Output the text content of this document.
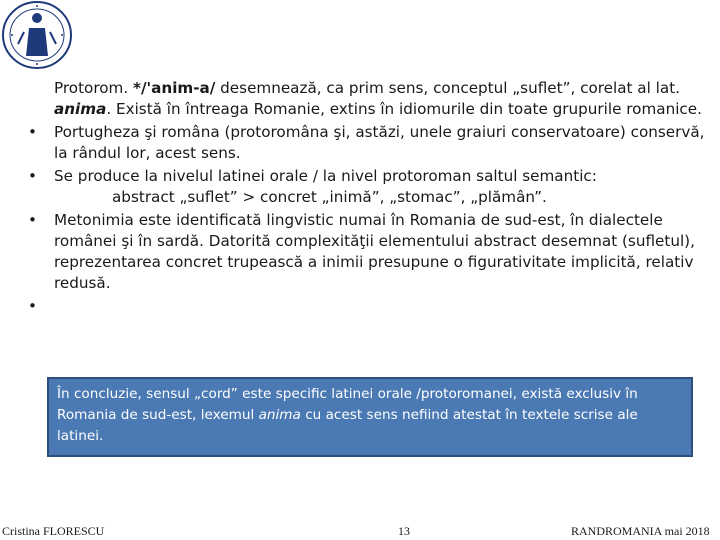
Protorom. */'anim‐a/ desemnează, ca prim sens, conceptul „suflet”, corelat al lat. anima. Există în întreaga Romanie, extins în idiomurile din toate grupurile romanice.
•	Portugheza şi româna (protoromâna şi, astăzi, unele graiuri conservatoare) conservă, la rândul lor, acest sens.
•	Se produce la nivelul latinei orale / la nivel protoroman saltul semantic:
abstract „suflet” > concret „inimă”, „stomac”, „plămân”.
•	Metonimia este identificată lingvistic numai în Romania de sud-est, în dialectele românei şi în sardă. Datorită complexităţii elementului abstract desemnat (sufletul), reprezentarea concret trupească a inimii presupune o figurativitate implicită, relativ redusă.
•
În concluzie, sensul „cord” este specific latinei orale /protoromanei, există exclusiv în Romania de sud-est, lexemul anima cu acest sens nefiind atestat în textele scrise ale latinei.
Cristina FLORESCU	13	RANDROMANIA mai 2018
